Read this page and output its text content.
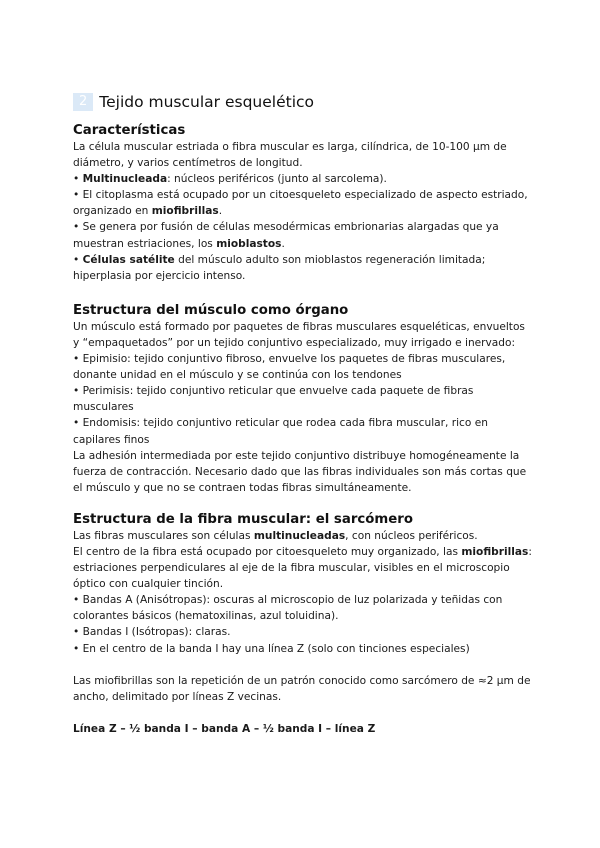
2 Tejido muscular esquelético
Características

La célula muscular estriada o fibra muscular es larga, cilíndrica, de 10-100 μm de diámetro, y varios centímetros de longitud.

• Multinucleada: núcleos periféricos (junto al sarcolema).

• El citoplasma está ocupado por un citoesqueleto especializado de aspecto estriado, organizado en miofibrillas.

• Se genera por fusión de células mesodérmicas embrionarias alargadas que ya muestran estriaciones, los mioblastos.

• Células satélite del músculo adulto son mioblastos regeneración limitada; hiperplasia por ejercicio intenso.

Estructura del músculo como órgano

Un músculo está formado por paquetes de fibras musculares esqueléticas, envueltos y “empaquetados” por un tejido conjuntivo especializado, muy irrigado e inervado:

• Epimisio: tejido conjuntivo fibroso, envuelve los paquetes de fibras musculares, donante unidad en el músculo y se continúa con los tendones

• Perimisis: tejido conjuntivo reticular que envuelve cada paquete de fibras musculares

• Endomisis: tejido conjuntivo reticular que rodea cada fibra muscular, rico en capilares finos

La adhesión intermediada por este tejido conjuntivo distribuye homogéneamente la fuerza de contracción. Necesario dado que las fibras individuales son más cortas que el músculo y que no se contraen todas fibras simultáneamente.

Estructura de la fibra muscular: el sarcómero

Las fibras musculares son células multinucleadas, con núcleos periféricos.

El centro de la fibra está ocupado por citoesqueleto muy organizado, las miofibrillas: estriaciones perpendiculares al eje de la fibra muscular, visibles en el microscopio óptico con cualquier tinción.

• Bandas A (Anisótropas): oscuras al microscopio de luz polarizada y teñidas con colorantes básicos (hematoxilinas, azul toluidina).

• Bandas I (Isótropas): claras.

• En el centro de la banda I hay una línea Z (solo con tinciones especiales)

Las miofibrillas son la repetición de un patrón conocido como sarcómero de ≈2 μm de ancho, delimitado por líneas Z vecinas.

Línea Z – ½ banda I – banda A – ½ banda I – línea Z
